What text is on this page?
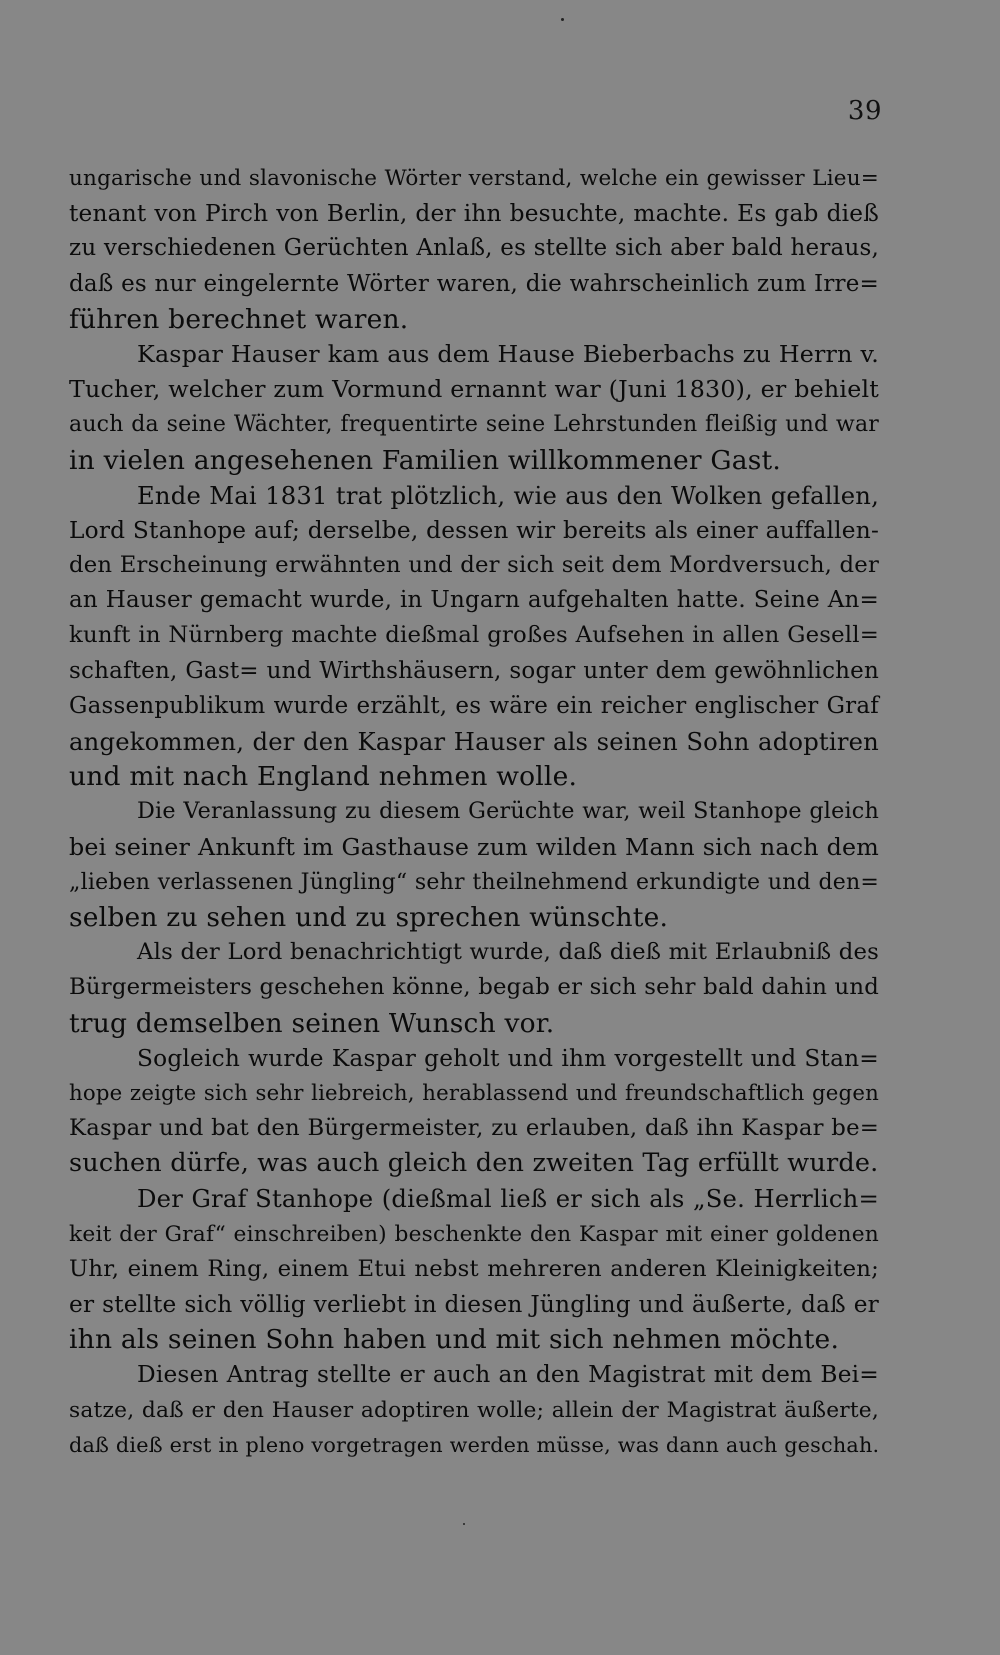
39
ungarische und slavonische Wörter verstand, welche ein gewisser Lieu=
tenant von Pirch von Berlin, der ihn besuchte, machte. Es gab dieß
zu verschiedenen Gerüchten Anlaß, es stellte sich aber bald heraus,
daß es nur eingelernte Wörter waren, die wahrscheinlich zum Irre=
führen berechnet waren.
Kaspar Hauser kam aus dem Hause Bieberbachs zu Herrn v.
Tucher, welcher zum Vormund ernannt war (Juni 1830), er behielt
auch da seine Wächter, frequentirte seine Lehrstunden fleißig und war
in vielen angesehenen Familien willkommener Gast.
Ende Mai 1831 trat plötzlich, wie aus den Wolken gefallen,
Lord Stanhope auf; derselbe, dessen wir bereits als einer auffallen-
den Erscheinung erwähnten und der sich seit dem Mordversuch, der
an Hauser gemacht wurde, in Ungarn aufgehalten hatte. Seine An=
kunft in Nürnberg machte dießmal großes Aufsehen in allen Gesell=
schaften, Gast= und Wirthshäusern, sogar unter dem gewöhnlichen
Gassenpublikum wurde erzählt, es wäre ein reicher englischer Graf
angekommen, der den Kaspar Hauser als seinen Sohn adoptiren
und mit nach England nehmen wolle.
Die Veranlassung zu diesem Gerüchte war, weil Stanhope gleich
bei seiner Ankunft im Gasthause zum wilden Mann sich nach dem
„lieben verlassenen Jüngling“ sehr theilnehmend erkundigte und den=
selben zu sehen und zu sprechen wünschte.
Als der Lord benachrichtigt wurde, daß dieß mit Erlaubniß des
Bürgermeisters geschehen könne, begab er sich sehr bald dahin und
trug demselben seinen Wunsch vor.
Sogleich wurde Kaspar geholt und ihm vorgestellt und Stan=
hope zeigte sich sehr liebreich, herablassend und freundschaftlich gegen
Kaspar und bat den Bürgermeister, zu erlauben, daß ihn Kaspar be=
suchen dürfe, was auch gleich den zweiten Tag erfüllt wurde.
Der Graf Stanhope (dießmal ließ er sich als „Se. Herrlich=
keit der Graf“ einschreiben) beschenkte den Kaspar mit einer goldenen
Uhr, einem Ring, einem Etui nebst mehreren anderen Kleinigkeiten;
er stellte sich völlig verliebt in diesen Jüngling und äußerte, daß er
ihn als seinen Sohn haben und mit sich nehmen möchte.
Diesen Antrag stellte er auch an den Magistrat mit dem Bei=
satze, daß er den Hauser adoptiren wolle; allein der Magistrat äußerte,
daß dieß erst in pleno vorgetragen werden müsse, was dann auch geschah.
